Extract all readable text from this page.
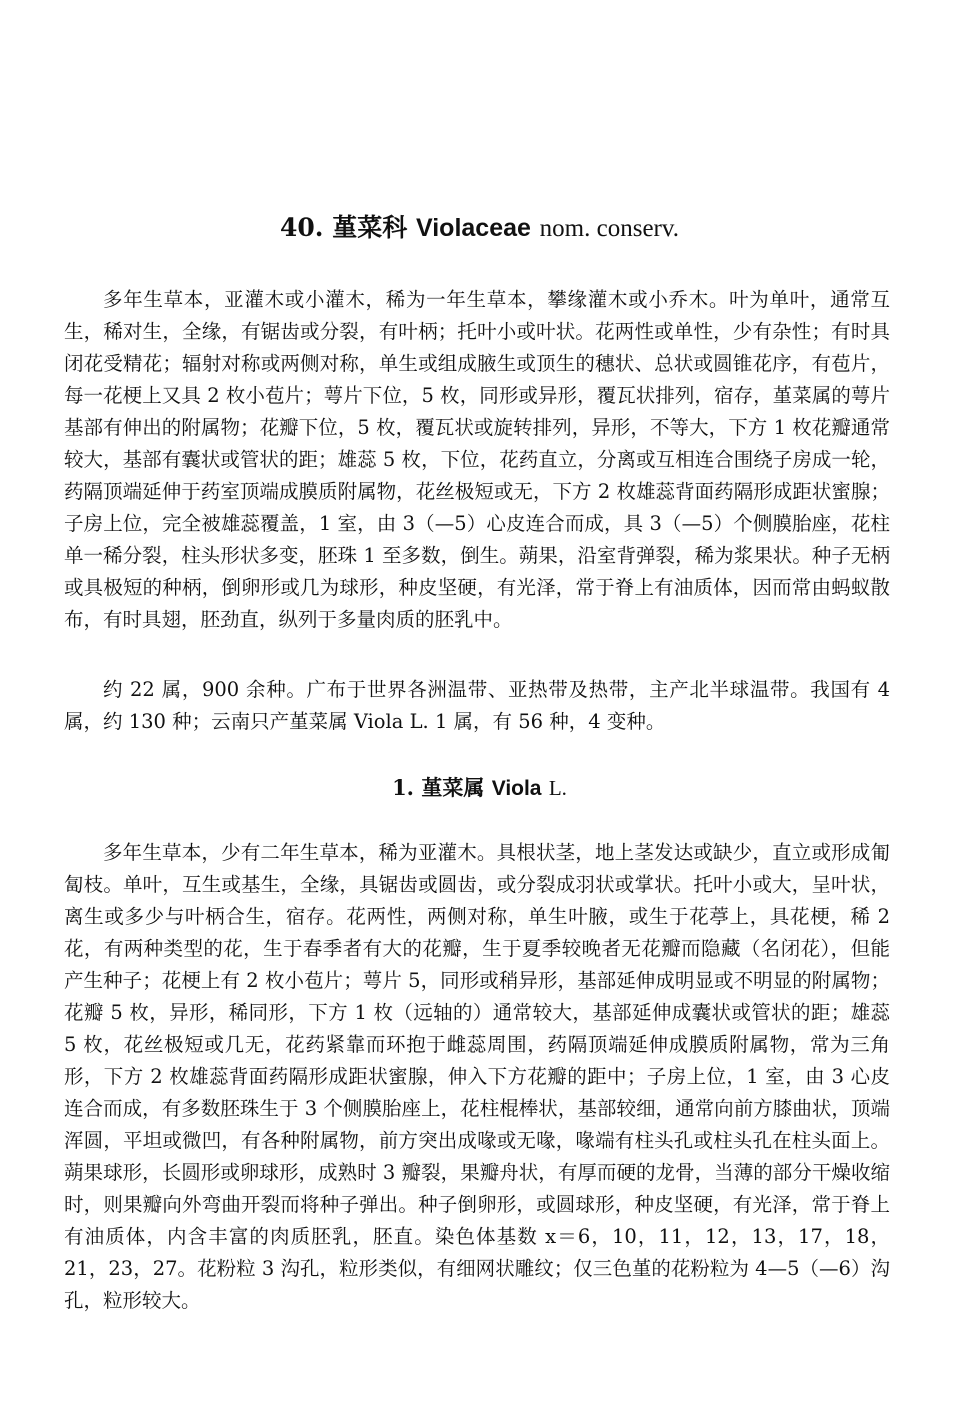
40. 堇菜科 Violaceae nom. conserv.

多年生草本，亚灌木或小灌木，稀为一年生草本，攀缘灌木或小乔木。叶为单叶，通常互生，稀对生，全缘，有锯齿或分裂，有叶柄；托叶小或叶状。花两性或单性，少有杂性；有时具闭花受精花；辐射对称或两侧对称，单生或组成腋生或顶生的穗状、总状或圆锥花序，有苞片，每一花梗上又具 2 枚小苞片；萼片下位，5 枚，同形或异形，覆瓦状排列，宿存，堇菜属的萼片基部有伸出的附属物；花瓣下位，5 枚，覆瓦状或旋转排列，异形，不等大，下方 1 枚花瓣通常较大，基部有囊状或管状的距；雄蕊 5 枚，下位，花药直立，分离或互相连合围绕子房成一轮，药隔顶端延伸于药室顶端成膜质附属物，花丝极短或无，下方 2 枚雄蕊背面药隔形成距状蜜腺；子房上位，完全被雄蕊覆盖，1 室，由 3（—5）心皮连合而成，具 3（—5）个侧膜胎座，花柱单一稀分裂，柱头形状多变，胚珠 1 至多数，倒生。蒴果，沿室背弹裂，稀为浆果状。种子无柄或具极短的种柄，倒卵形或几为球形，种皮坚硬，有光泽，常于脊上有油质体，因而常由蚂蚁散布，有时具翅，胚劲直，纵列于多量肉质的胚乳中。

约 22 属，900 余种。广布于世界各洲温带、亚热带及热带，主产北半球温带。我国有 4 属，约 130 种；云南只产堇菜属 Viola L. 1 属，有 56 种，4 变种。

1. 堇菜属 Viola L.

多年生草本，少有二年生草本，稀为亚灌木。具根状茎，地上茎发达或缺少，直立或形成匍匐枝。单叶，互生或基生，全缘，具锯齿或圆齿，或分裂成羽状或掌状。托叶小或大，呈叶状，离生或多少与叶柄合生，宿存。花两性，两侧对称，单生叶腋，或生于花葶上，具花梗，稀 2 花，有两种类型的花，生于春季者有大的花瓣，生于夏季较晚者无花瓣而隐藏（名闭花），但能产生种子；花梗上有 2 枚小苞片；萼片 5，同形或稍异形，基部延伸成明显或不明显的附属物；花瓣 5 枚，异形，稀同形，下方 1 枚（远轴的）通常较大，基部延伸成囊状或管状的距；雄蕊 5 枚，花丝极短或几无，花药紧靠而环抱于雌蕊周围，药隔顶端延伸成膜质附属物，常为三角形，下方 2 枚雄蕊背面药隔形成距状蜜腺，伸入下方花瓣的距中；子房上位，1 室，由 3 心皮连合而成，有多数胚珠生于 3 个侧膜胎座上，花柱棍棒状，基部较细，通常向前方膝曲状，顶端浑圆，平坦或微凹，有各种附属物，前方突出成喙或无喙，喙端有柱头孔或柱头孔在柱头面上。蒴果球形，长圆形或卵球形，成熟时 3 瓣裂，果瓣舟状，有厚而硬的龙骨，当薄的部分干燥收缩时，则果瓣向外弯曲开裂而将种子弹出。种子倒卵形，或圆球形，种皮坚硬，有光泽，常于脊上有油质体，内含丰富的肉质胚乳，胚直。染色体基数 x＝6，10，11，12，13，17，18，21，23，27。花粉粒 3 沟孔，粒形类似，有细网状雕纹；仅三色堇的花粉粒为 4—5（—6）沟孔，粒形较大。
